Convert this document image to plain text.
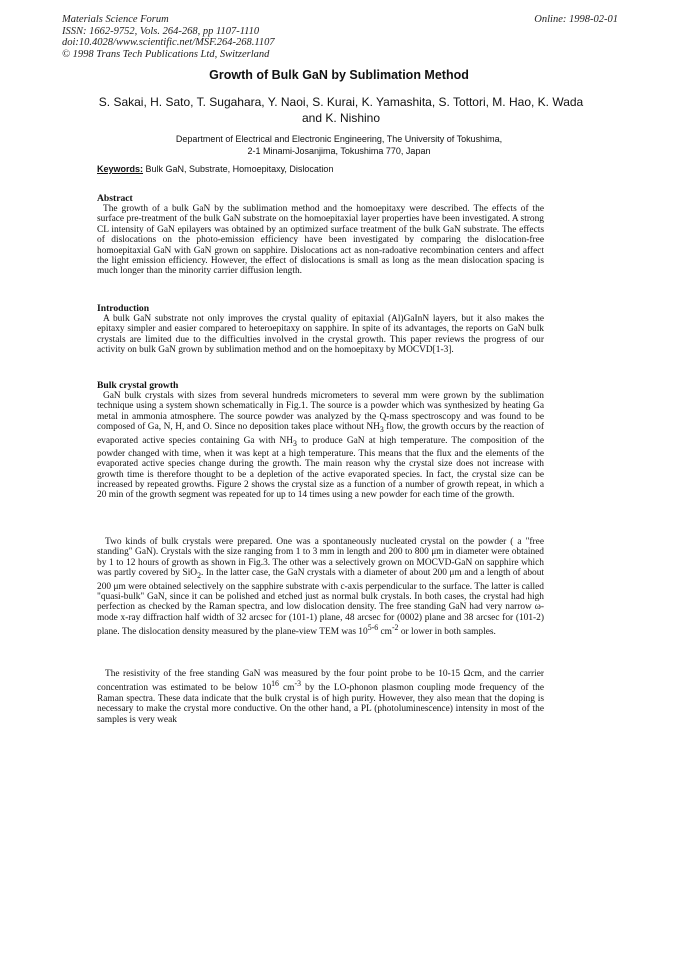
Materials Science Forum
ISSN: 1662-9752, Vols. 264-268, pp 1107-1110
doi:10.4028/www.scientific.net/MSF.264-268.1107
© 1998 Trans Tech Publications Ltd, Switzerland
Online: 1998-02-01
Growth of Bulk GaN by Sublimation Method
S. Sakai, H. Sato, T. Sugahara, Y. Naoi, S. Kurai, K. Yamashita, S. Tottori, M. Hao, K. Wada and K. Nishino
Department of Electrical and Electronic Engineering, The University of Tokushima,
2-1 Minami-Josanjima, Tokushima 770, Japan
Keywords: Bulk GaN, Substrate, Homoepitaxy, Dislocation
Abstract

The growth of a bulk GaN by the sublimation method and the homoepitaxy were described. The effects of the surface pre-treatment of the bulk GaN substrate on the homoepitaxial layer properties have been investigated. A strong CL intensity of GaN epilayers was obtained by an optimized surface treatment of the bulk GaN substrate. The effects of dislocations on the photo-emission efficiency have been investigated by comparing the dislocation-free homoepitaxial GaN with GaN grown on sapphire. Dislocations act as non-radoative recombination centers and affect the light emission efficiency. However, the effect of dislocations is small as long as the mean dislocation spacing is much longer than the minority carrier diffusion length.

Introduction

A bulk GaN substrate not only improves the crystal quality of epitaxial (Al)GaInN layers, but it also makes the epitaxy simpler and easier compared to heteroepitaxy on sapphire. In spite of its advantages, the reports on GaN bulk crystals are limited due to the difficulties involved in the crystal growth. This paper reviews the progress of our activity on bulk GaN grown by sublimation method and on the homoepitaxy by MOCVD[1-3].

Bulk crystal growth

GaN bulk crystals with sizes from several hundreds micrometers to several mm were grown by the sublimation technique using a system shown schematically in Fig.1. The source is a powder which was synthesized by heating Ga metal in ammonia atmosphere. The source powder was analyzed by the Q-mass spectroscopy and was found to be composed of Ga, N, H, and O. Since no deposition takes place without $NH_3$ flow, the growth occurs by the reaction of evaporated active species containing Ga with $NH_3$ to produce GaN at high temperature. The composition of the powder changed with time, when it was kept at a high temperature. This means that the flux and the elements of the evaporated active species change during the growth. The main reason why the crystal size does not increase with growth time is therefore thought to be a depletion of the active evaporated species. In fact, the crystal size can be increased by repeated growths. Figure 2 shows the crystal size as a function of a number of growth repeat, in which a 20 min of the growth segment was repeated for up to 14 times using a new powder for each time of the growth.

Two kinds of bulk crystals were prepared. One was a spontaneously nucleated crystal on the powder ( a "free standing" GaN). Crystals with the size ranging from 1 to 3 mm in length and 200 to 800 μm in diameter were obtained by 1 to 12 hours of growth as shown in Fig.3. The other was a selectively grown on MOCVD-GaN on sapphire which was partly covered by SiO$_2$. In the latter case, the GaN crystals with a diameter of about 200 μm and a length of about 200 μm were obtained selectively on the sapphire substrate with c-axis perpendicular to the surface. The latter is called "quasi-bulk" GaN, since it can be polished and etched just as normal bulk crystals. In both cases, the crystal had high perfection as checked by the Raman spectra, and low dislocation density. The free standing GaN had very narrow ω-mode x-ray diffraction half width of 32 arcsec for (101-1) plane, 48 arcsec for (0002) plane and 38 arcsec for (101-2) plane. The dislocation density measured by the plane-view TEM was 10$^{5-6}$ $cm^{-2}$ or lower in both samples.

The resistivity of the free standing GaN was measured by the four point probe to be 10-15 Ωcm, and the carrier concentration was estimated to be below $10^{16}$ $cm^{-3}$ by the LO-phonon plasmon coupling mode frequency of the Raman spectra. These data indicate that the bulk crystal is of high purity. However, they also mean that the doping is necessary to make the crystal more conductive. On the other hand, a PL (photoluminescence) intensity in most of the samples is very weak
